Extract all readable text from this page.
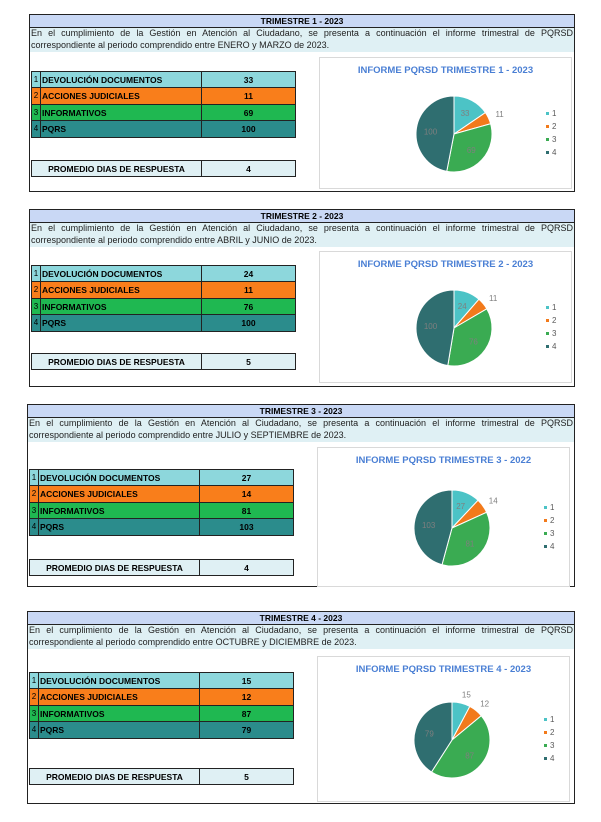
TRIMESTRE 1 - 2023
En el cumplimiento de la Gestión en Atención al Ciudadano, se presenta a continuación el informe trimestral de PQRSD correspondiente al periodo comprendido entre ENERO y MARZO de 2023.
1 DEVOLUCIÓN DOCUMENTOS	33
2 ACCIONES JUDICIALES	11
3 INFORMATIVOS	69
4 PQRS	100
PROMEDIO DIAS DE RESPUESTA	4
33	11
69
100
1
2
3
4
INFORME PQRSD TRIMESTRE 1 - 2023
TRIMESTRE 2 - 2023
En el cumplimiento de la Gestión en Atención al Ciudadano, se presenta a continuación el informe trimestral de PQRSD correspondiente al periodo comprendido entre ABRIL y JUNIO de 2023.
1 DEVOLUCIÓN DOCUMENTOS	24
2 ACCIONES JUDICIALES	11
3 INFORMATIVOS	76
4 PQRS	100
PROMEDIO DIAS DE RESPUESTA	5
24
11
76
100
1
2
3
4
INFORME PQRSD TRIMESTRE 2 - 2023
TRIMESTRE 3 - 2023
En el cumplimiento de la Gestión en Atención al Ciudadano, se presenta a continuación el informe trimestral de PQRSD correspondiente al periodo comprendido entre JULIO y SEPTIEMBRE de 2023.
1 DEVOLUCIÓN DOCUMENTOS	27
2 ACCIONES JUDICIALES	14
3 INFORMATIVOS	81
4 PQRS	103
PROMEDIO DIAS DE RESPUESTA	4
27
14
81
103
1
2
3
4
INFORME PQRSD TRIMESTRE 3 - 2022
TRIMESTRE 4 - 2023
En el cumplimiento de la Gestión en Atención al Ciudadano, se presenta a continuación el informe trimestral de PQRSD correspondiente al periodo comprendido entre OCTUBRE y DICIEMBRE de 2023.
1 DEVOLUCIÓN DOCUMENTOS	15
2 ACCIONES JUDICIALES	12
3 INFORMATIVOS	87
4 PQRS	79
PROMEDIO DIAS DE RESPUESTA	5
15
12
87
79
1
2
3
4
INFORME PQRSD TRIMESTRE 4 - 2023
